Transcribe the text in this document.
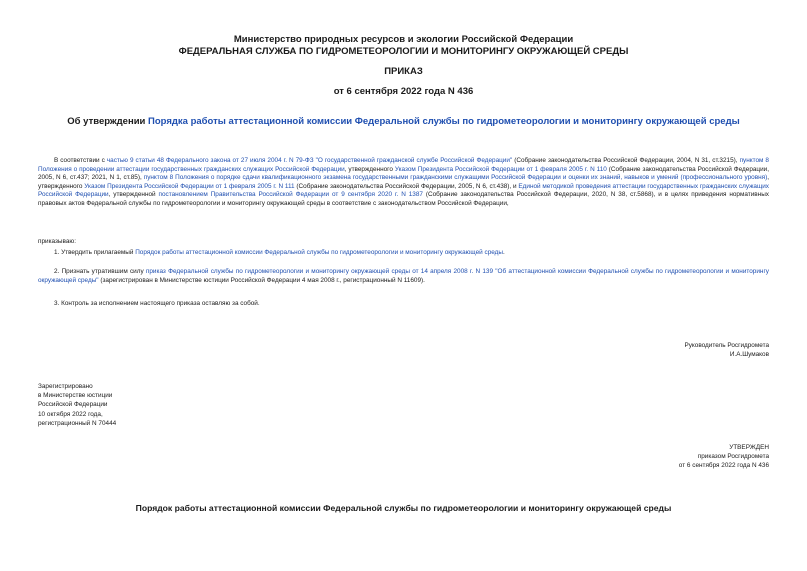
Министерство природных ресурсов и экологии Российской Федерации
ФЕДЕРАЛЬНАЯ СЛУЖБА ПО ГИДРОМЕТЕОРОЛОГИИ И МОНИТОРИНГУ ОКРУЖАЮЩЕЙ СРЕДЫ
ПРИКАЗ
от 6 сентября 2022 года N 436
Об утверждении Порядка работы аттестационной комиссии Федеральной службы по гидрометеорологии и мониторингу окружающей среды
В соответствии с частью 9 статьи 48 Федерального закона от 27 июля 2004 г. N 79-ФЗ "О государственной гражданской службе Российской Федерации" (Собрание законодательства Российской Федерации, 2004, N 31, ст.3215), пунктом 8 Положения о проведении аттестации государственных гражданских служащих Российской Федерации, утвержденного Указом Президента Российской Федерации от 1 февраля 2005 г. N 110 (Собрание законодательства Российской Федерации, 2005, N 6, ст.437; 2021, N 1, ст.85), пунктом 8 Положения о порядке сдачи квалификационного экзамена государственными гражданскими служащими Российской Федерации и оценки их знаний, навыков и умений (профессионального уровня), утвержденного Указом Президента Российской Федерации от 1 февраля 2005 г. N 111 (Собрание законодательства Российской Федерации, 2005, N 6, ст.438), и Единой методикой проведения аттестации государственных гражданских служащих Российской Федерации, утвержденной постановлением Правительства Российской Федерации от 9 сентября 2020 г. N 1387 (Собрание законодательства Российской Федерации, 2020, N 38, ст.5868), и в целях приведения нормативных правовых актов Федеральной службы по гидрометеорологии и мониторингу окружающей среды в соответствие с законодательством Российской Федерации,
приказываю:
1. Утвердить прилагаемый Порядок работы аттестационной комиссии Федеральной службы по гидрометеорологии и мониторингу окружающей среды.
2. Признать утратившим силу приказ Федеральной службы по гидрометеорологии и мониторингу окружающей среды от 14 апреля 2008 г. N 139 "Об аттестационной комиссии Федеральной службы по гидрометеорологии и мониторингу окружающей среды" (зарегистрирован в Министерстве юстиции Российской Федерации 4 мая 2008 г., регистрационный N 11609).
3. Контроль за исполнением настоящего приказа оставляю за собой.
Руководитель Росгидромета
И.А.Шумаков
Зарегистрировано
в Министерстве юстиции
Российской Федерации
10 октября 2022 года,
регистрационный N 70444
УТВЕРЖДЕН
приказом Росгидромета
от 6 сентября 2022 года N 436
Порядок работы аттестационной комиссии Федеральной службы по гидрометеорологии и мониторингу окружающей среды
